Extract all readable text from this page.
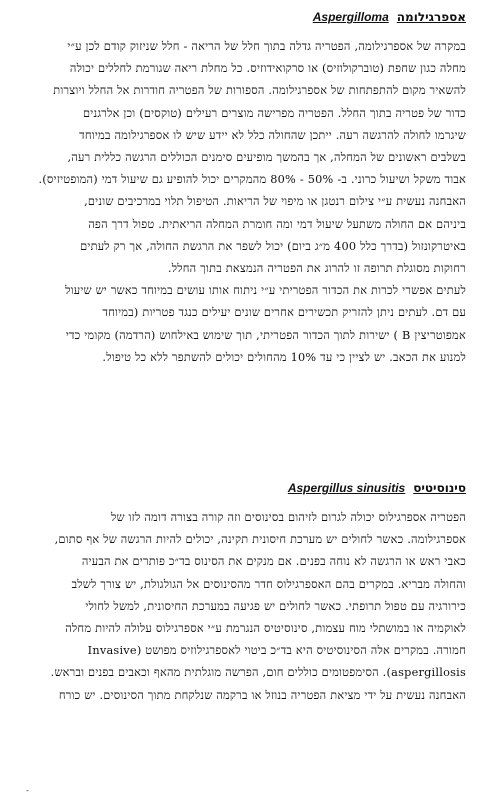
אספרגילומה
Aspergilloma
במקרה של אספרגילומה, הפטריה גדלה בתוך חלל של הריאה - חלל שניזוק קודם לכן ע״י
מחלה כגון שחפת (טוברקולוזיס) או סרקואידוזיס. כל מחלת ריאה שגורמת לחללים יכולה
להשאיר מקום להתפתחות של אספרגילומה. הספורות של הפטריה חודרות אל החלל ויוצרות
כדור של פטריה בתוך החלל. הפטריה מפרישה מוצרים רעילים (טוקסים) וכן אלרגנים
שיגרמו לחולה להרגשה רעה. ייתכן שהחולה כלל לא יידע שיש לו אספרגילומה במיוחד
בשלבים ראשונים של המחלה, אך בהמשך מופיעים סימנים הכוללים הרגשה כללית רעה,
אבוד משקל ושיעול כרוני. ב- 50% - 80% מהמקרים יכול להופיע גם שיעול דמי (המופטיזיס).
האבחנה נעשית ע״י צילום רנטגן או מיפוי של הריאות. הטיפול תלוי במרכיבים שונים,
ביניהם אם החולה משתעל שיעול דמי ומה חומרת המחלה הריאתית. טפול דרך הפה
באיטרקונזול (בדרך כלל 400 מ״ג ביום) יכול לשפר את הרגשת החולה, אך רק לעתים
רחוקות מסוגלת תרופה זו להרוג את הפטריה הנמצאת בתוך החלל.
לעתים אפשרי לכרות את הכדור הפטריתי ע״י ניתוח אותו עושים במיוחד כאשר יש שיעול
עם דם. לעתים ניתן להזריק תכשירים אחרים שונים יעילים כנגד פטריות (במיוחד
אמפוטריצין B ) ישירות לתוך הכדור הפטריתי, תוך שימוש באילחוש (הרדמה) מקומי כדי
למנוע את הכאב. יש לציין כי עד 10% מהחולים יכולים להשתפר ללא כל טיפול.
סינוסיטיס
Aspergillus sinusitis
הפטריה אספרגילוס יכולה לגרום לזיהום בסינוסים וזה קורה בצורה דומה לזו של
אספרגילומה. כאשר לחולים יש מערכת חיסונית תקינה, יכולים להיות הרגשה של אף סתום,
כאבי ראש או הרגשה לא נוחה בפנים. אם מנקים את הסינוס בד״כ פותרים את הבעיה
והחולה מבריא. במקרים בהם האספרגילוס חדר מהסינוסים אל הגולגולת, יש צורך לשלב
כירורגיה עם טפול תרופתי. כאשר לחולים יש פגיעה במערכת החיסונית, למשל לחולי
לאוקמיה או במושתלי מוח עצמות, סינוסיטיס הנגרמת ע״י אספרגילוס עלולה להיות מחלה
חמורה. במקרים אלה הסינוסיטיס היא בד״כ ביטוי לאספרגילוזיס מפושט (Invasive
aspergillosis). הסימפטומים כוללים חום, הפרשה מוגלתית מהאף וכאבים בפנים ובראש.
האבחנה נעשית על ידי מציאת הפטריה בנוזל או ברקמה שנלקחת מתוך הסינוסים. יש כורח
-
